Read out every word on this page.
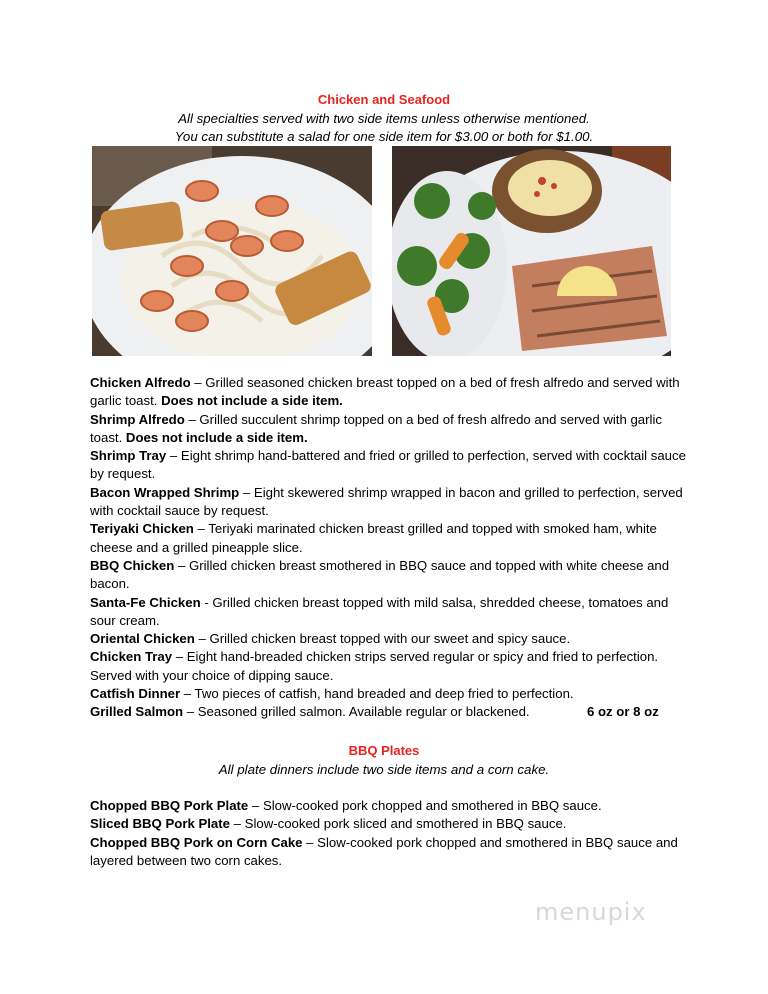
Chicken and Seafood
All specialties served with two side items unless otherwise mentioned.
You can substitute a salad for one side item for $3.00 or both for $1.00.

Chicken Alfredo – Grilled seasoned chicken breast topped on a bed of fresh alfredo and served with garlic toast. Does not include a side item.

Shrimp Alfredo – Grilled succulent shrimp topped on a bed of fresh alfredo and served with garlic toast. Does not include a side item.

Shrimp Tray – Eight shrimp hand-battered and fried or grilled to perfection, served with cocktail sauce by request.

Bacon Wrapped Shrimp – Eight skewered shrimp wrapped in bacon and grilled to perfection, served with cocktail sauce by request.

Teriyaki Chicken – Teriyaki marinated chicken breast grilled and topped with smoked ham, white cheese and a grilled pineapple slice.

BBQ Chicken – Grilled chicken breast smothered in BBQ sauce and topped with white cheese and bacon.

Santa-Fe Chicken - Grilled chicken breast topped with mild salsa, shredded cheese, tomatoes and sour cream.

Oriental Chicken – Grilled chicken breast topped with our sweet and spicy sauce.

Chicken Tray – Eight hand-breaded chicken strips served regular or spicy and fried to perfection. Served with your choice of dipping sauce.

Catfish Dinner – Two pieces of catfish, hand breaded and deep fried to perfection.

Grilled Salmon – Seasoned grilled salmon. Available regular or blackened.	6 oz or 8 oz

BBQ Plates
All plate dinners include two side items and a corn cake.

Chopped BBQ Pork Plate – Slow-cooked pork chopped and smothered in BBQ sauce.

Sliced BBQ Pork Plate – Slow-cooked pork sliced and smothered in BBQ sauce.

Chopped BBQ Pork on Corn Cake – Slow-cooked pork chopped and smothered in BBQ sauce and layered between two corn cakes.

menupix
